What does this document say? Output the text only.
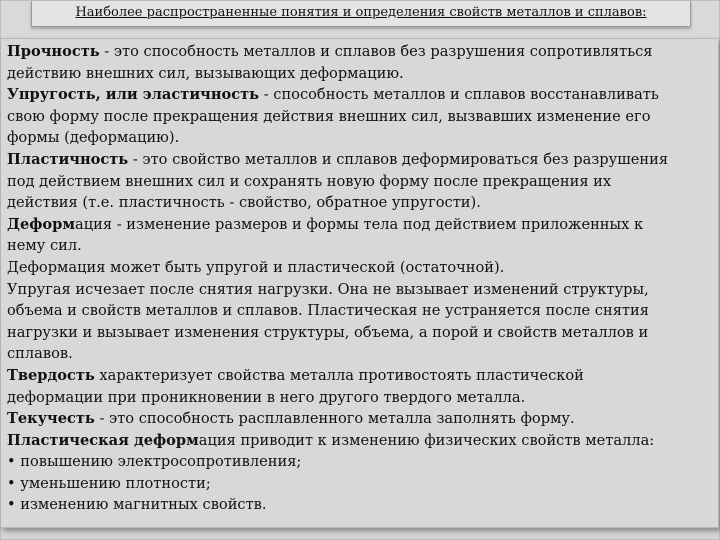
Наиболее распространенные понятия и определения свойств металлов и сплавов:
Прочность - это способность металлов и сплавов без разрушения сопротивляться
действию внешних сил, вызывающих деформацию.
Упругость, или эластичность - способность металлов и сплавов восстанавливать
свою форму после прекращения действия внешних сил, вызвавших изменение его
формы (деформацию).
Пластичность - это свойство металлов и сплавов деформироваться без разрушения
под действием внешних сил и сохранять новую форму после прекращения их
действия (т.е. пластичность - свойство, обратное упругости).
Деформация - изменение размеров и формы тела под действием приложенных к
нему сил.
Деформация может быть упругой и пластической (остаточной).
Упругая исчезает после снятия нагрузки. Она не вызывает изменений структуры,
объема и свойств металлов и сплавов. Пластическая не устраняется после снятия
нагрузки и вызывает изменения структуры, объема, а порой и свойств металлов и
сплавов.
Твердость характеризует свойства металла противостоять пластической
деформации при проникновении в него другого твердого металла.
Текучесть - это способность расплавленного металла заполнять форму.
Пластическая деформация приводит к изменению физических свойств металла:
• повышению электросопротивления;
• уменьшению плотности;
• изменению магнитных свойств.
